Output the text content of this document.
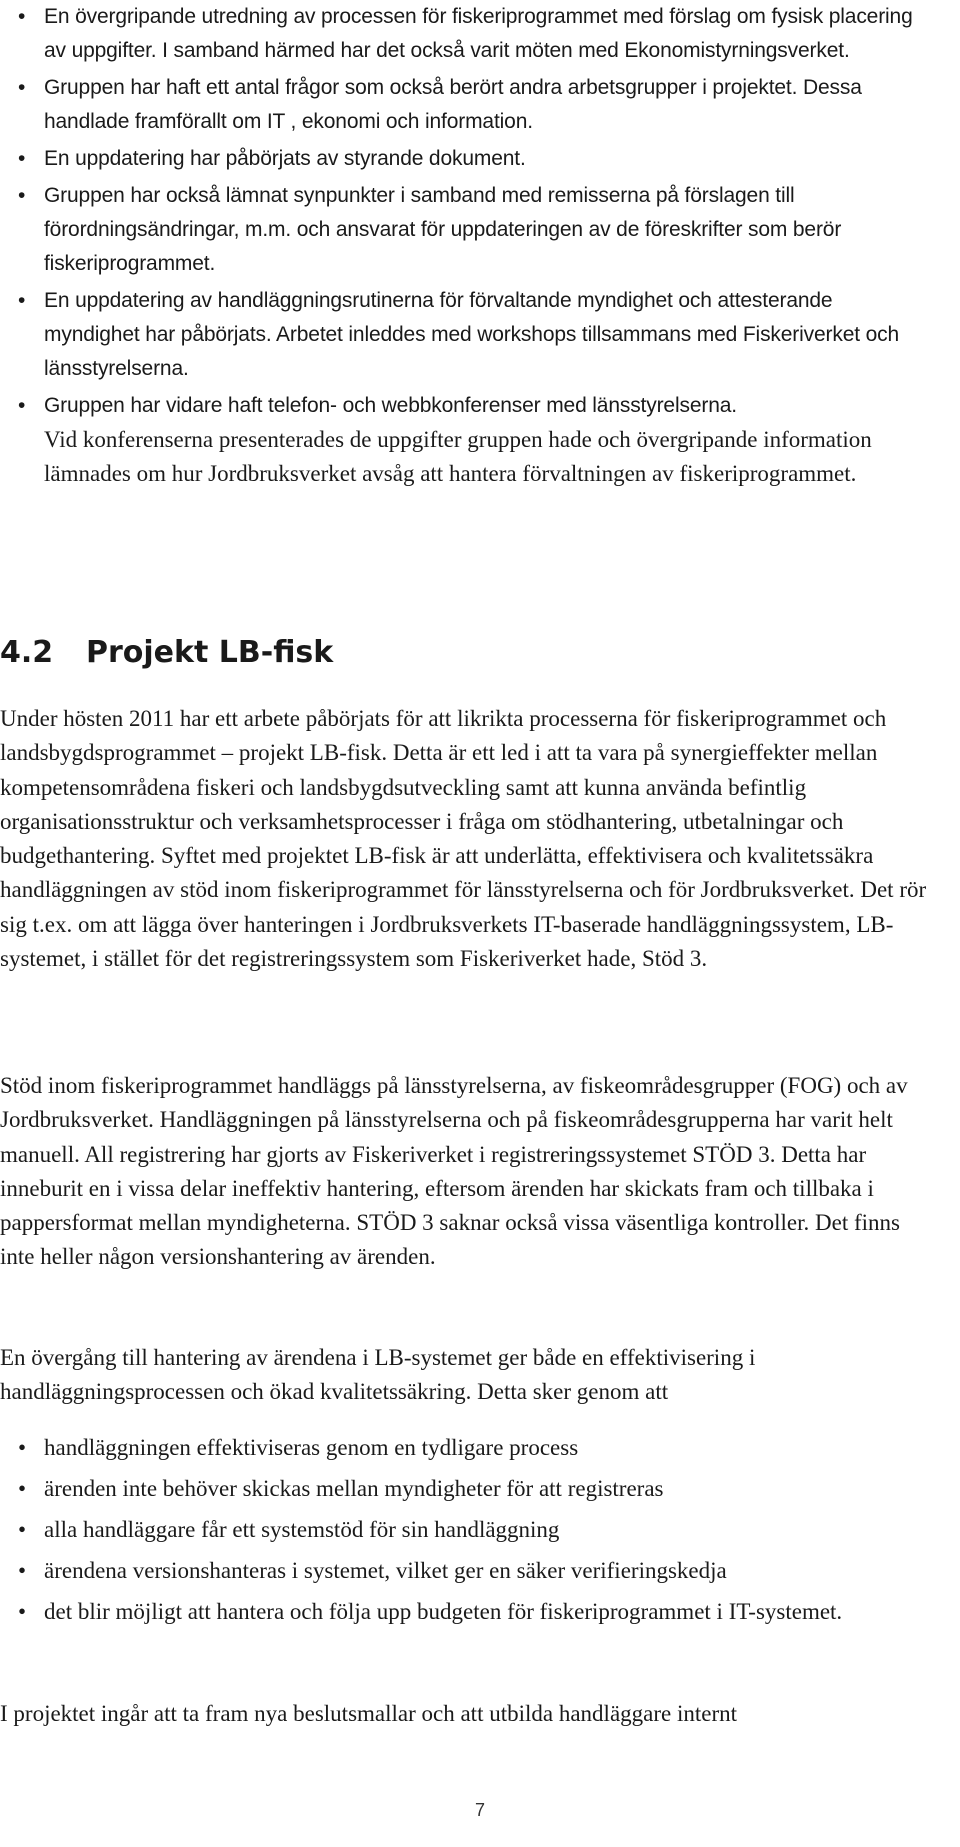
• En övergripande utredning av processen för fiskeriprogrammet med förslag om fysisk placering av uppgifter. I samband härmed har det också varit möten med Ekonomistyrningsverket.
• Gruppen har haft ett antal frågor som också berört andra arbetsgrupper i projektet. Dessa handlade framförallt om IT , ekonomi och information.
• En uppdatering har påbörjats av styrande dokument.
• Gruppen har också lämnat synpunkter i samband med remisserna på förslagen till förordningsändringar, m.m. och ansvarat för uppdateringen av de föreskrifter som berör fiskeriprogrammet.
• En uppdatering av handläggningsrutinerna för förvaltande myndighet och attesterande myndighet har påbörjats. Arbetet inleddes med workshops tillsammans med Fiskeriverket och länsstyrelserna.
• Gruppen har vidare haft telefon- och webbkonferenser med länsstyrelserna.
Vid konferenserna presenterades de uppgifter gruppen hade och övergripande information lämnades om hur Jordbruksverket avsåg att hantera förvaltningen av fiskeriprogrammet.
4.2 Projekt LB-fisk

Under hösten 2011 har ett arbete påbörjats för att likrikta processerna för fiskeriprogrammet och landsbygdsprogrammet – projekt LB-fisk. Detta är ett led i att ta vara på synergieffekter mellan kompetensområdena fiskeri och landsbygdsutveckling samt att kunna använda befintlig organisationsstruktur och verksamhetsprocesser i fråga om stödhantering, utbetalningar och budgethantering. Syftet med projektet LB-fisk är att underlätta, effektivisera och kvalitetssäkra handläggningen av stöd inom fiskeriprogrammet för länsstyrelserna och för Jordbruksverket. Det rör sig t.ex. om att lägga över hanteringen i Jordbruksverkets IT-baserade handläggningssystem, LB-systemet, i stället för det registreringssystem som Fiskeriverket hade, Stöd 3.

Stöd inom fiskeriprogrammet handläggs på länsstyrelserna, av fiskeområdesgrupper (FOG) och av Jordbruksverket. Handläggningen på länsstyrelserna och på fiskeområdesgrupperna har varit helt manuell. All registrering har gjorts av Fiskeriverket i registreringssystemet STÖD 3. Detta har inneburit en i vissa delar ineffektiv hantering, eftersom ärenden har skickats fram och tillbaka i pappersformat mellan myndigheterna. STÖD 3 saknar också vissa väsentliga kontroller. Det finns inte heller någon versionshantering av ärenden.

En övergång till hantering av ärendena i LB-systemet ger både en effektivisering i handläggningsprocessen och ökad kvalitetssäkring. Detta sker genom att

• handläggningen effektiviseras genom en tydligare process
• ärenden inte behöver skickas mellan myndigheter för att registreras
• alla handläggare får ett systemstöd för sin handläggning
• ärendena versionshanteras i systemet, vilket ger en säker verifieringskedja
• det blir möjligt att hantera och följa upp budgeten för fiskeriprogrammet i IT-systemet.

I projektet ingår att ta fram nya beslutsmallar och att utbilda handläggare internt

7
